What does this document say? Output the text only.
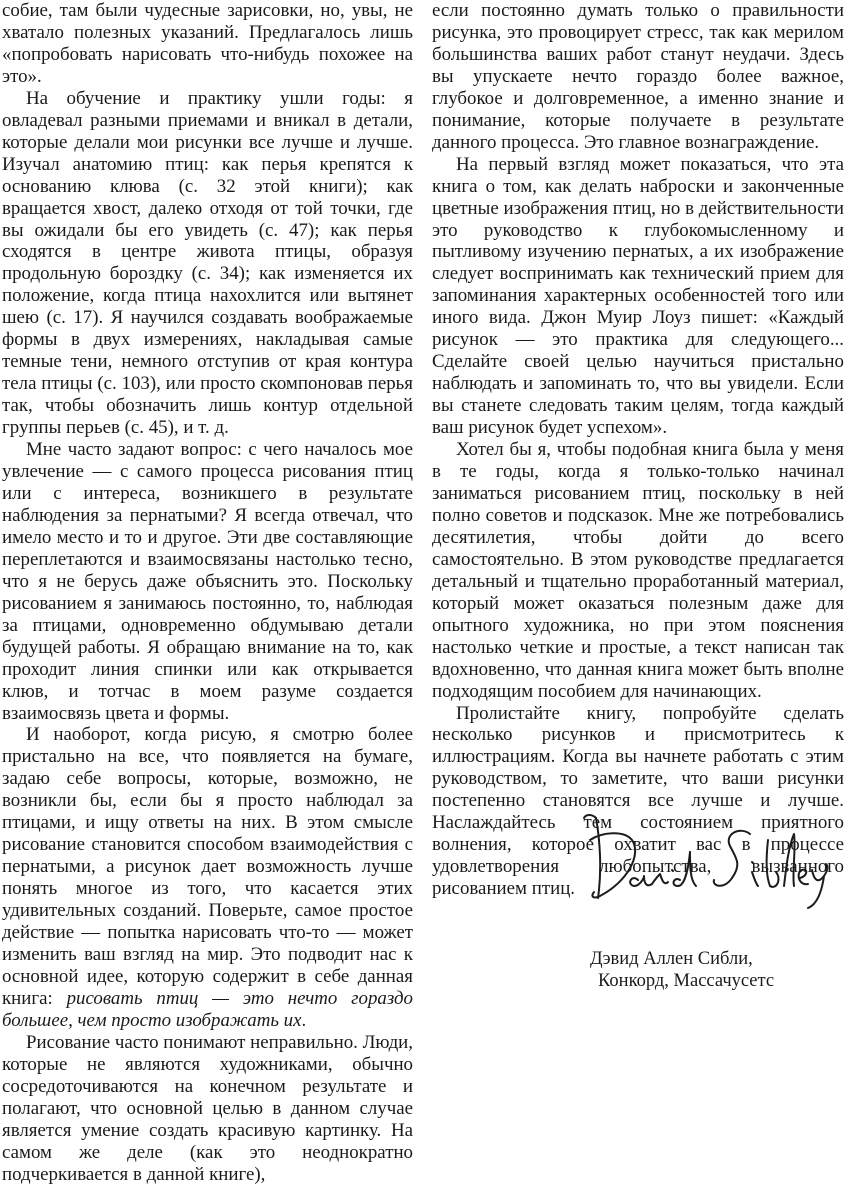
собие, там были чудесные зарисовки, но, увы, не хватало полезных указаний. Предлагалось лишь «попробовать нарисовать что-нибудь похожее на это».

На обучение и практику ушли годы: я овладевал разными приемами и вникал в детали, которые делали мои рисунки все лучше и лучше. Изучал анатомию птиц: как перья крепятся к основанию клюва (с. 32 этой книги); как вращается хвост, далеко отходя от той точки, где вы ожидали бы его увидеть (с. 47); как перья сходятся в центре живота птицы, образуя продольную бороздку (с. 34); как изменяется их положение, когда птица нахохлится или вытянет шею (с. 17). Я научился создавать воображаемые формы в двух измерениях, накладывая самые темные тени, немного отступив от края контура тела птицы (с. 103), или просто скомпоновав перья так, чтобы обозначить лишь контур отдельной группы перьев (с. 45), и т. д.

Мне часто задают вопрос: с чего началось мое увлечение — с самого процесса рисования птиц или с интереса, возникшего в результате наблюдения за пернатыми? Я всегда отвечал, что имело место и то и другое. Эти две составляющие переплетаются и взаимосвязаны настолько тесно, что я не берусь даже объяснить это. Поскольку рисованием я занимаюсь постоянно, то, наблюдая за птицами, одновременно обдумываю детали будущей работы. Я обращаю внимание на то, как проходит линия спинки или как открывается клюв, и тотчас в моем разуме создается взаимосвязь цвета и формы.

И наоборот, когда рисую, я смотрю более пристально на все, что появляется на бумаге, задаю себе вопросы, которые, возможно, не возникли бы, если бы я просто наблюдал за птицами, и ищу ответы на них. В этом смысле рисование становится способом взаимодействия с пернатыми, а рисунок дает возможность лучше понять многое из того, что касается этих удивительных созданий. Поверьте, самое простое действие — попытка нарисовать что-то — может изменить ваш взгляд на мир. Это подводит нас к основной идее, которую содержит в себе данная книга: рисовать птиц — это нечто гораздо большее, чем просто изображать их.

Рисование часто понимают неправильно. Люди, которые не являются художниками, обычно сосредоточиваются на конечном результате и полагают, что основной целью в данном случае является умение создать красивую картинку. На самом же деле (как это неоднократно подчеркивается в данной книге),

если постоянно думать только о правильности рисунка, это провоцирует стресс, так как мерилом большинства ваших работ станут неудачи. Здесь вы упускаете нечто гораздо более важное, глубокое и долговременное, а именно знание и понимание, которые получаете в результате данного процесса. Это главное вознаграждение.

На первый взгляд может показаться, что эта книга о том, как делать наброски и законченные цветные изображения птиц, но в действительности это руководство к глубокомысленному и пытливому изучению пернатых, а их изображение следует воспринимать как технический прием для запоминания характерных особенностей того или иного вида. Джон Муир Лоуз пишет: «Каждый рисунок — это практика для следующего... Сделайте своей целью научиться пристально наблюдать и запоминать то, что вы увидели. Если вы станете следовать таким целям, тогда каждый ваш рисунок будет успехом».

Хотел бы я, чтобы подобная книга была у меня в те годы, когда я только-только начинал заниматься рисованием птиц, поскольку в ней полно советов и подсказок. Мне же потребовались десятилетия, чтобы дойти до всего самостоятельно. В этом руководстве предлагается детальный и тщательно проработанный материал, который может оказаться полезным даже для опытного художника, но при этом пояснения настолько четкие и простые, а текст написан так вдохновенно, что данная книга может быть вполне подходящим пособием для начинающих.

Пролистайте книгу, попробуйте сделать несколько рисунков и присмотритесь к иллюстрациям. Когда вы начнете работать с этим руководством, то заметите, что ваши рисунки постепенно становятся все лучше и лучше. Наслаждайтесь тем состоянием приятного волнения, которое охватит вас в процессе удовлетворения любопытства, вызванного рисованием птиц.

Дэвид Аллен Сибли,
Конкорд, Массачусетс
